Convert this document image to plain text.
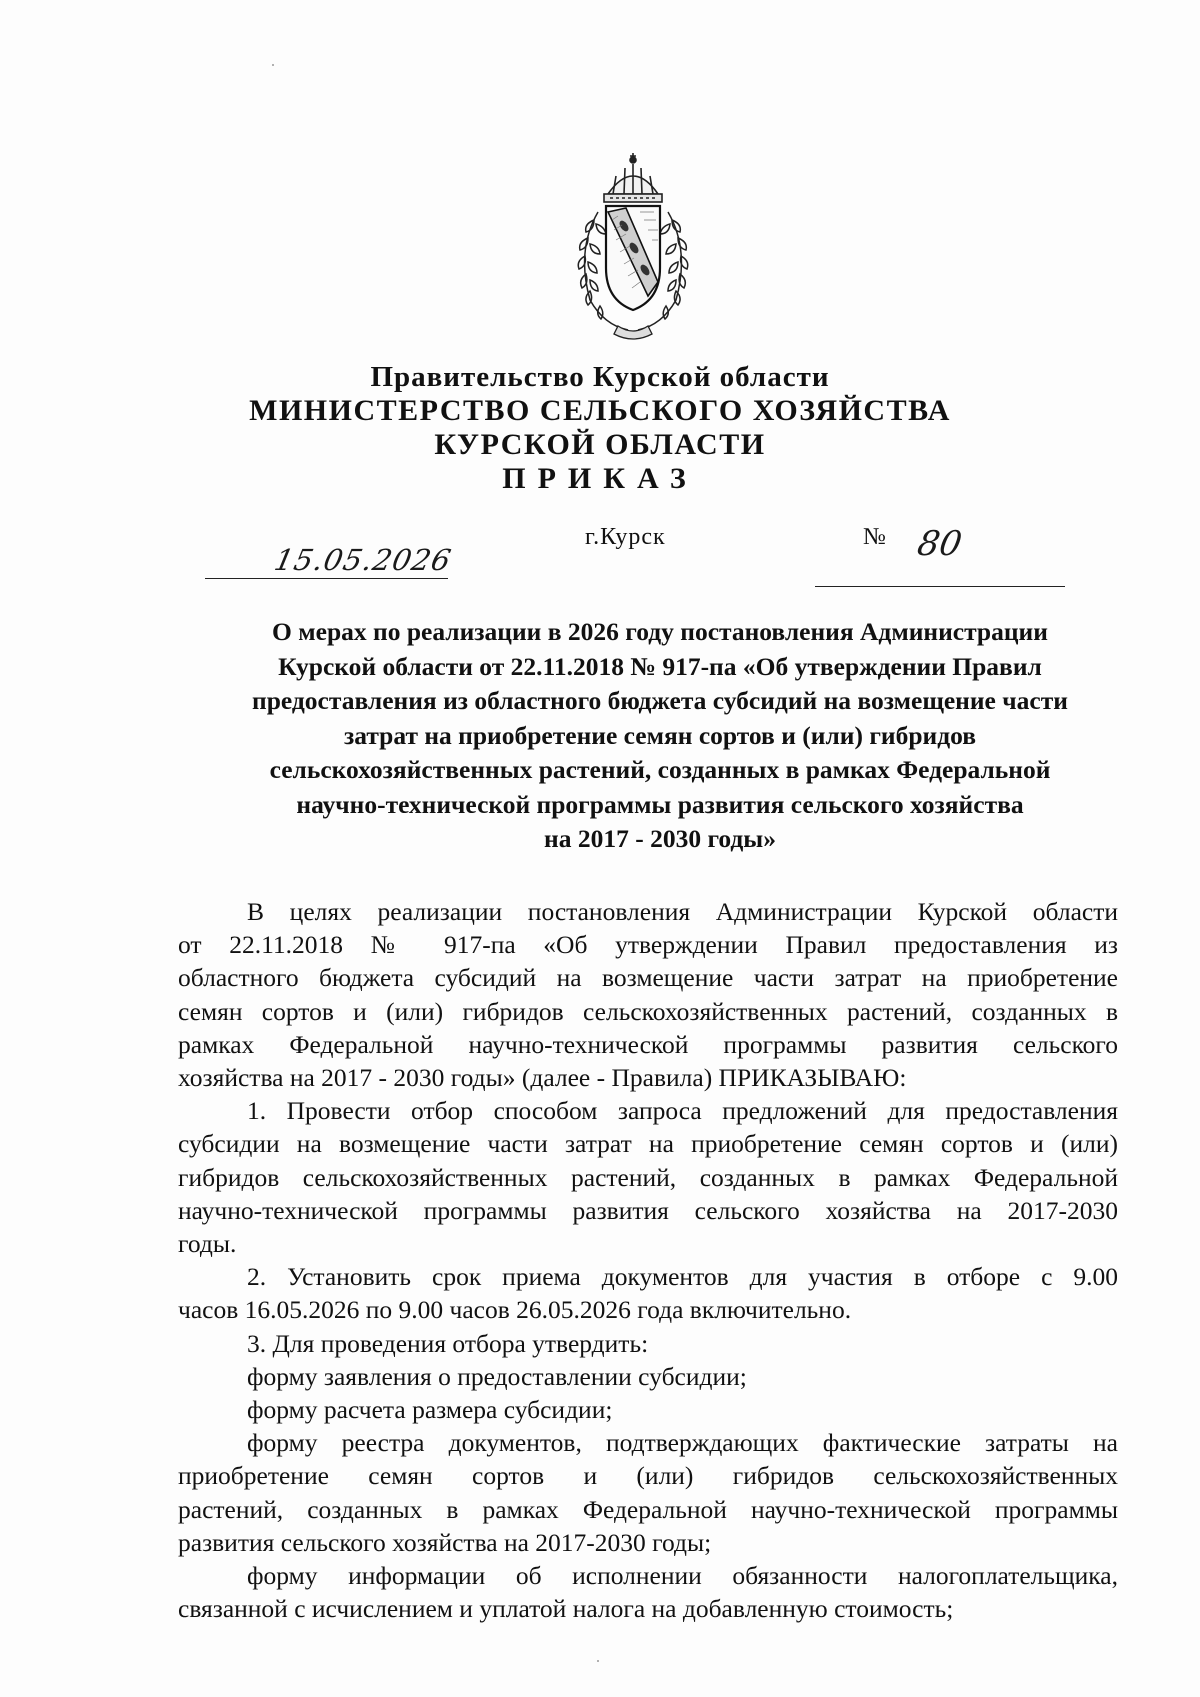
Правительство Курской области
МИНИСТЕРСТВО СЕЛЬСКОГО ХОЗЯЙСТВА
КУРСКОЙ ОБЛАСТИ
ПРИКАЗ
15.05.2026
г.Курск	№ 80
О мерах по реализации в 2026 году постановления Администрации
Курской области от 22.11.2018 № 917-па «Об утверждении Правил
предоставления из областного бюджета субсидий на возмещение части
затрат на приобретение семян сортов и (или) гибридов
сельскохозяйственных растений, созданных в рамках Федеральной
научно-технической программы развития сельского хозяйства
на 2017 - 2030 годы»
В целях реализации постановления Администрации Курской области
от 22.11.2018 № 917-па «Об утверждении Правил предоставления из
областного бюджета субсидий на возмещение части затрат на приобретение
семян сортов и (или) гибридов сельскохозяйственных растений, созданных в
рамках Федеральной научно-технической программы развития сельского
хозяйства на 2017 - 2030 годы» (далее - Правила) ПРИКАЗЫВАЮ:
1. Провести отбор способом запроса предложений для предоставления
субсидии на возмещение части затрат на приобретение семян сортов и (или)
гибридов сельскохозяйственных растений, созданных в рамках Федеральной
научно-технической программы развития сельского хозяйства на 2017-2030
годы.
2. Установить срок приема документов для участия в отборе с 9.00
часов 16.05.2026 по 9.00 часов 26.05.2026 года включительно.
3. Для проведения отбора утвердить:
форму заявления о предоставлении субсидии;
форму расчета размера субсидии;
форму реестра документов, подтверждающих фактические затраты на
приобретение семян сортов и (или) гибридов сельскохозяйственных
растений, созданных в рамках Федеральной научно-технической программы
развития сельского хозяйства на 2017-2030 годы;
форму информации об исполнении обязанности налогоплательщика,
связанной с исчислением и уплатой налога на добавленную стоимость;
